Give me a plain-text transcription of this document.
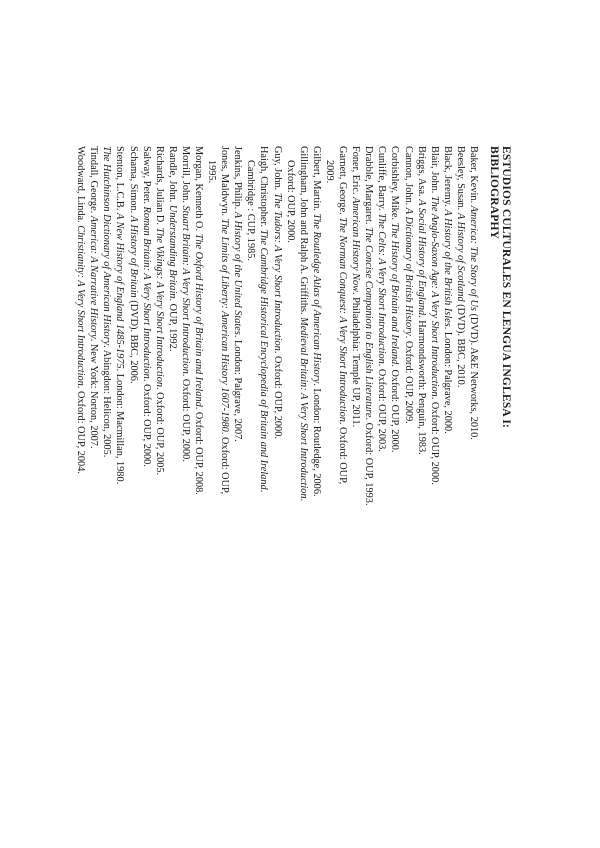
ESTUDIOS CULTURALES EN LENGUA INGLESA I:
BIBLIOGRAPHY
Baker, Kevin. America: The Story of Us (DVD). A&E Networks, 2010.
Beesley, Susan. A History of Scotland (DVD). BBC, 2010.
Black, Jeremy. A History of the British Isles. London: Palgrave, 2000.
Blair, John. The Anglo-Saxon Age: A Very Short Introduction. Oxford: OUP, 2000.
Briggs, Asa. A Social History of England. Harmondsworth: Penguin, 1983.
Cannon, John. A Dictionary of British History. Oxford: OUP, 2009.
Corbishley, Mike. The History of Britain and Ireland. Oxford: OUP, 2000.
Cunliffe, Barry. The Celts: A Very Short Introduction. Oxford: OUP, 2003.
Drabble, Margaret. The Concise Companion to English Literature. Oxford: OUP, 1993.
Foner, Eric. American History Now. Philadelphia: Temple UP, 2011.
Garnett, George. The Norman Conquest: A Very Short Introduction. Oxford: OUP,
2009.
Gilbert, Martin. The Routledge Atlas of American History. London: Routledge, 2006.
Gillingham, John and Ralph A. Griffiths. Medieval Britain: A Very Short Introduction.
Oxford: OUP, 2000.
Guy, John. The Tudors: A Very Short Introduction. Oxford: OUP, 2000.
Haigh, Christopher. The Cambridge Historical Encyclopedia of Britain and Ireland.
Cambridge : CUP, 1985.
Jenkins, Philip. A History of the United States. London: Palgrave, 2007.
Jones, Maldwyn. The Limits of Liberty: American History 1607-1980. Oxford: OUP,
1995.
Morgan, Kenneth O. The Oxford History of Britain and Ireland. Oxford: OUP, 2008.
Morrill, John. Stuart Britain: A Very Short Introduction. Oxford: OUP, 2000.
Randle, John. Understanding Britain. OUP, 1992.
Richards, Julian D. The Vikings: A Very Short Introduction. Oxford: OUP, 2005.
Salway, Peter. Roman Britain: A Very Short Introduction. Oxford: OUP, 2000.
Schama, Simon. A History of Britain (DVD). BBC, 2006.
Stenton, L.C.B. A New History of England 1485-1975. London: Macmillan, 1980.
The Hutchinson Dictionary of American History. Abingdon: Helicon, 2005.
Tindall, George. America: A Narrative History. New York: Norton, 2007.
Woodward, Linda. Christianity: A Very Short Introduction. Oxford: OUP, 2004.
